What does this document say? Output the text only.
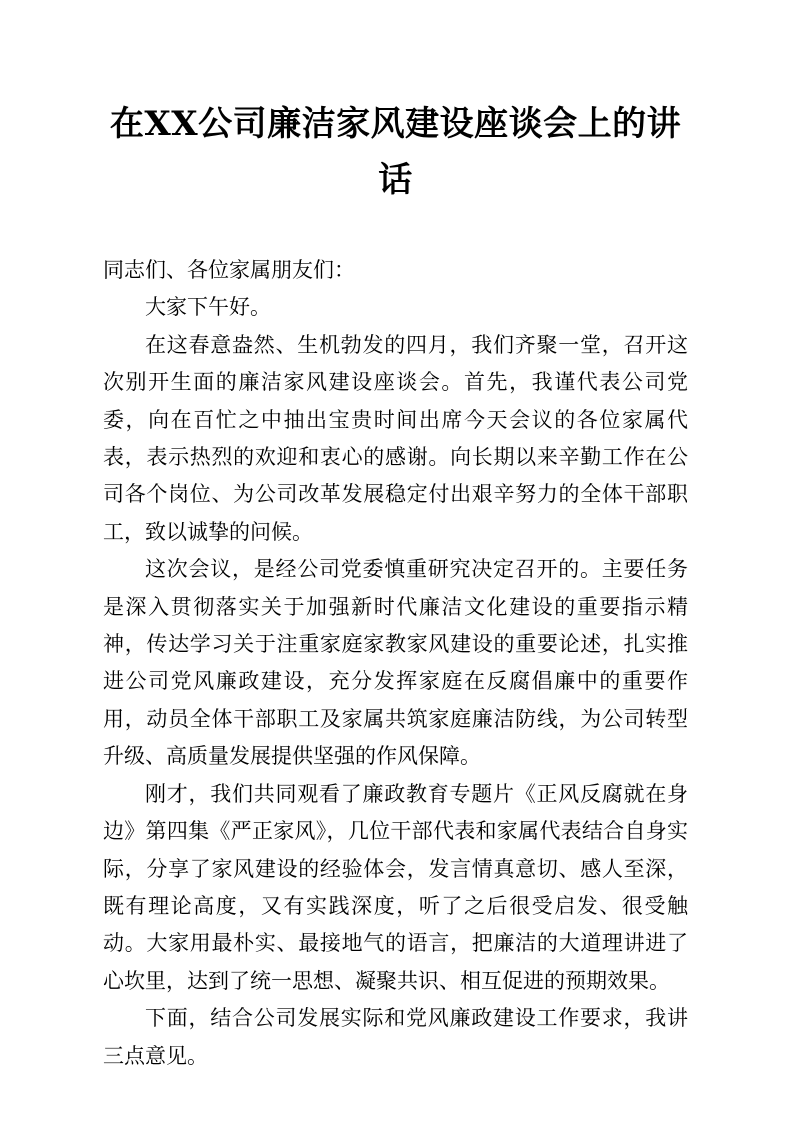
在XX公司廉洁家风建设座谈会上的讲话

同志们、各位家属朋友们：

大家下午好。

在这春意盎然、生机勃发的四月，我们齐聚一堂，召开这次别开生面的廉洁家风建设座谈会。首先，我谨代表公司党委，向在百忙之中抽出宝贵时间出席今天会议的各位家属代表，表示热烈的欢迎和衷心的感谢。向长期以来辛勤工作在公司各个岗位、为公司改革发展稳定付出艰辛努力的全体干部职工，致以诚挚的问候。

这次会议，是经公司党委慎重研究决定召开的。主要任务是深入贯彻落实关于加强新时代廉洁文化建设的重要指示精神，传达学习关于注重家庭家教家风建设的重要论述，扎实推进公司党风廉政建设，充分发挥家庭在反腐倡廉中的重要作用，动员全体干部职工及家属共筑家庭廉洁防线，为公司转型升级、高质量发展提供坚强的作风保障。

刚才，我们共同观看了廉政教育专题片《正风反腐就在身边》第四集《严正家风》，几位干部代表和家属代表结合自身实际，分享了家风建设的经验体会，发言情真意切、感人至深，既有理论高度，又有实践深度，听了之后很受启发、很受触动。大家用最朴实、最接地气的语言，把廉洁的大道理讲进了心坎里，达到了统一思想、凝聚共识、相互促进的预期效果。

下面，结合公司发展实际和党风廉政建设工作要求，我讲三点意见。
